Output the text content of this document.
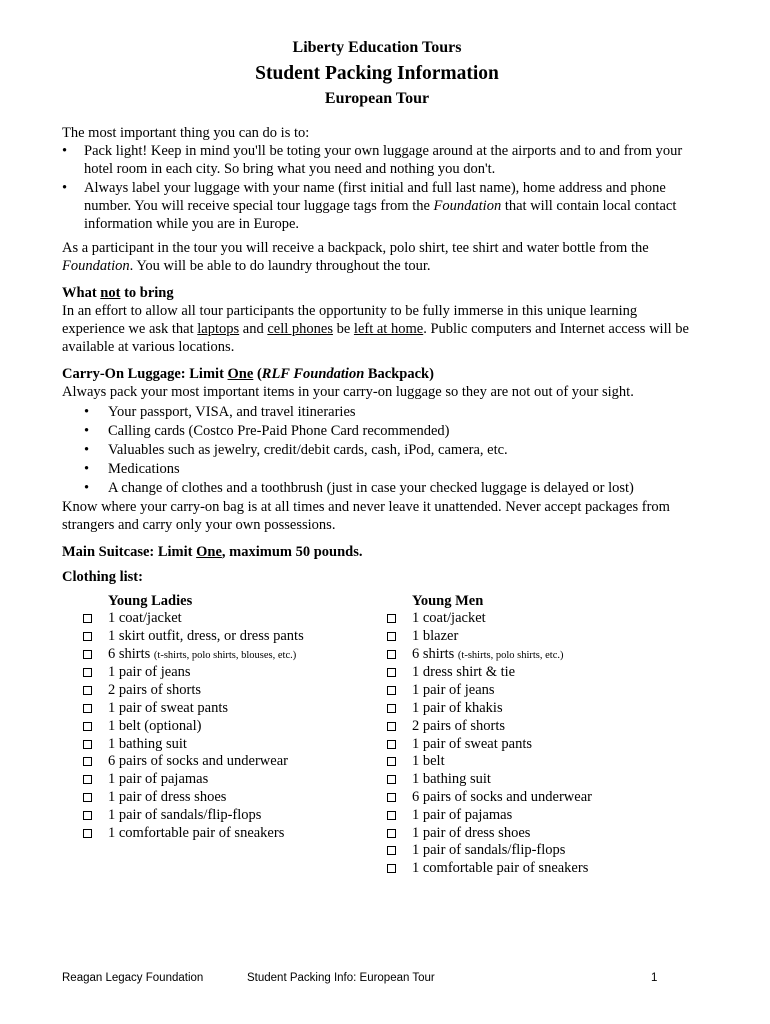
Liberty Education Tours
Student Packing Information
European Tour

The most important thing you can do is to:

• Pack light! Keep in mind you'll be toting your own luggage around at the airports and to and from your hotel room in each city. So bring what you need and nothing you don't.
• Always label your luggage with your name (first initial and full last name), home address and phone number. You will receive special tour luggage tags from the Foundation that will contain local contact information while you are in Europe.

As a participant in the tour you will receive a backpack, polo shirt, tee shirt and water bottle from the Foundation. You will be able to do laundry throughout the tour.

What not to bring

In an effort to allow all tour participants the opportunity to be fully immerse in this unique learning experience we ask that laptops and cell phones be left at home. Public computers and Internet access will be available at various locations.

Carry-On Luggage: Limit One (RLF Foundation Backpack)

Always pack your most important items in your carry-on luggage so they are not out of your sight.

• Your passport, VISA, and travel itineraries
• Calling cards (Costco Pre-Paid Phone Card recommended)
• Valuables such as jewelry, credit/debit cards, cash, iPod, camera, etc.
• Medications
• A change of clothes and a toothbrush (just in case your checked luggage is delayed or lost)

Know where your carry-on bag is at all times and never leave it unattended. Never accept packages from strangers and carry only your own possessions.

Main Suitcase: Limit One, maximum 50 pounds.

Clothing list:

Young Ladies
1 coat/jacket
1 skirt outfit, dress, or dress pants
6 shirts (t-shirts, polo shirts, blouses, etc.)
1 pair of jeans
2 pairs of shorts
1 pair of sweat pants
1 belt (optional)
1 bathing suit
6 pairs of socks and underwear
1 pair of pajamas
1 pair of dress shoes
1 pair of sandals/flip-flops
1 comfortable pair of sneakers
Young Men
1 coat/jacket
1 blazer
6 shirts (t-shirts, polo shirts, etc.)
1 dress shirt & tie
1 pair of jeans
1 pair of khakis
2 pairs of shorts
1 pair of sweat pants
1 belt
1 bathing suit
6 pairs of socks and underwear
1 pair of pajamas
1 pair of dress shoes
1 pair of sandals/flip-flops
1 comfortable pair of sneakers
Reagan Legacy Foundation	Student Packing Info: European Tour	1
